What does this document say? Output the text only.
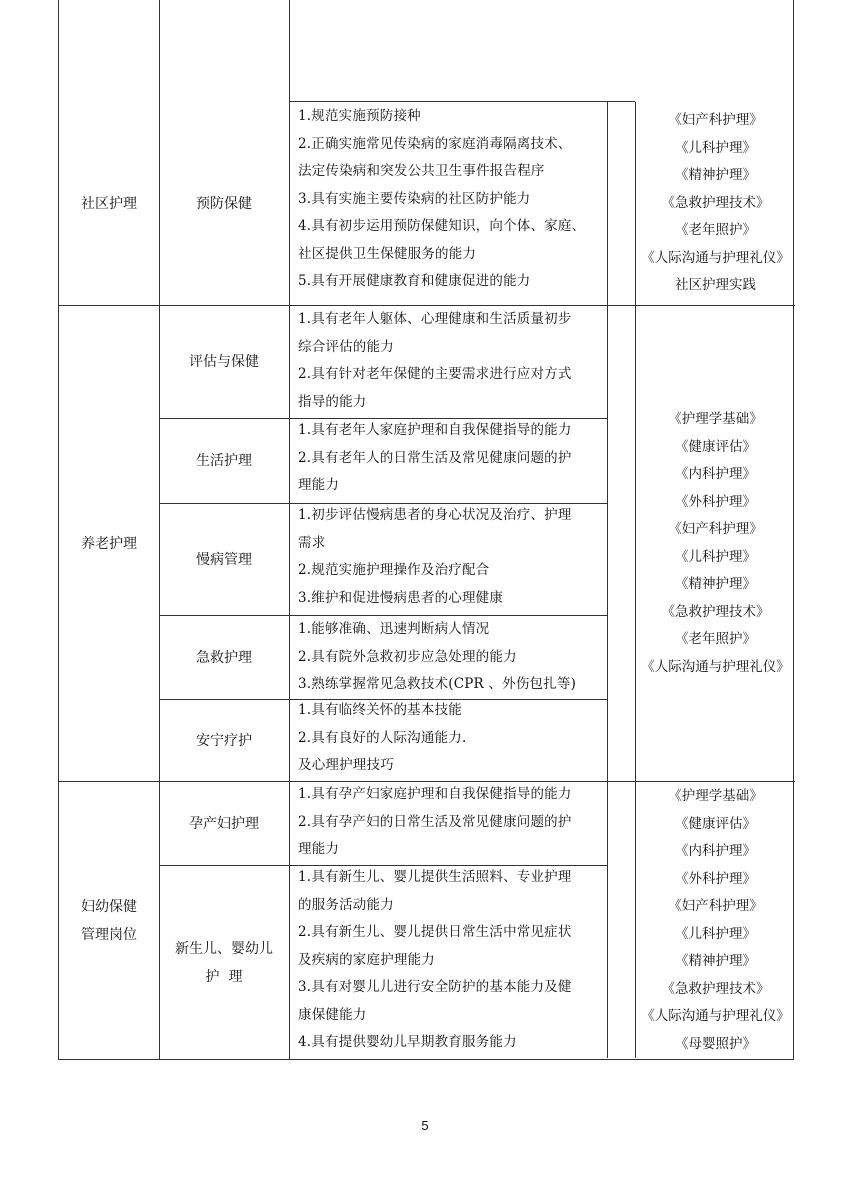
社区护理	预防保健
1.规范实施预防接种
2.正确实施常见传染病的家庭消毒隔离技术、
法定传染病和突发公共卫生事件报告程序
3.具有实施主要传染病的社区防护能力
4.具有初步运用预防保健知识，向个体、家庭、
社区提供卫生保健服务的能力
5.具有开展健康教育和健康促进的能力
《妇产科护理》
《儿科护理》
《精神护理》
《急救护理技术》
《老年照护》
《人际沟通与护理礼仪》
社区护理实践
养老护理
评估与保健
1.具有老年人躯体、心理健康和生活质量初步
综合评估的能力
2.具有针对老年保健的主要需求进行应对方式
指导的能力
生活护理
1.具有老年人家庭护理和自我保健指导的能力
2.具有老年人的日常生活及常见健康问题的护
理能力
慢病管理
1.初步评估慢病患者的身心状况及治疗、护理
需求
2.规范实施护理操作及治疗配合
3.维护和促进慢病患者的心理健康
急救护理
1.能够准确、迅速判断病人情况
2.具有院外急救初步应急处理的能力
3.熟练掌握常见急救技术(CPR 、外伤包扎等)
安宁疗护
1.具有临终关怀的基本技能
2.具有良好的人际沟通能力.
及心理护理技巧
《护理学基础》
《健康评估》
《内科护理》
《外科护理》
《妇产科护理》
《儿科护理》
《精神护理》
《急救护理技术》
《老年照护》
《人际沟通与护理礼仪》
妇幼保健
管理岗位
孕产妇护理
1.具有孕产妇家庭护理和自我保健指导的能力
2.具有孕产妇的日常生活及常见健康问题的护
理能力
新生儿、婴幼儿
护  理
1.具有新生儿、婴儿提供生活照料、专业护理
的服务活动能力
2.具有新生儿、婴儿提供日常生活中常见症状
及疾病的家庭护理能力
3.具有对婴儿儿进行安全防护的基本能力及健
康保健能力
4.具有提供婴幼儿早期教育服务能力
《护理学基础》
《健康评估》
《内科护理》
《外科护理》
《妇产科护理》
《儿科护理》
《精神护理》
《急救护理技术》
《人际沟通与护理礼仪》
《母婴照护》
5
